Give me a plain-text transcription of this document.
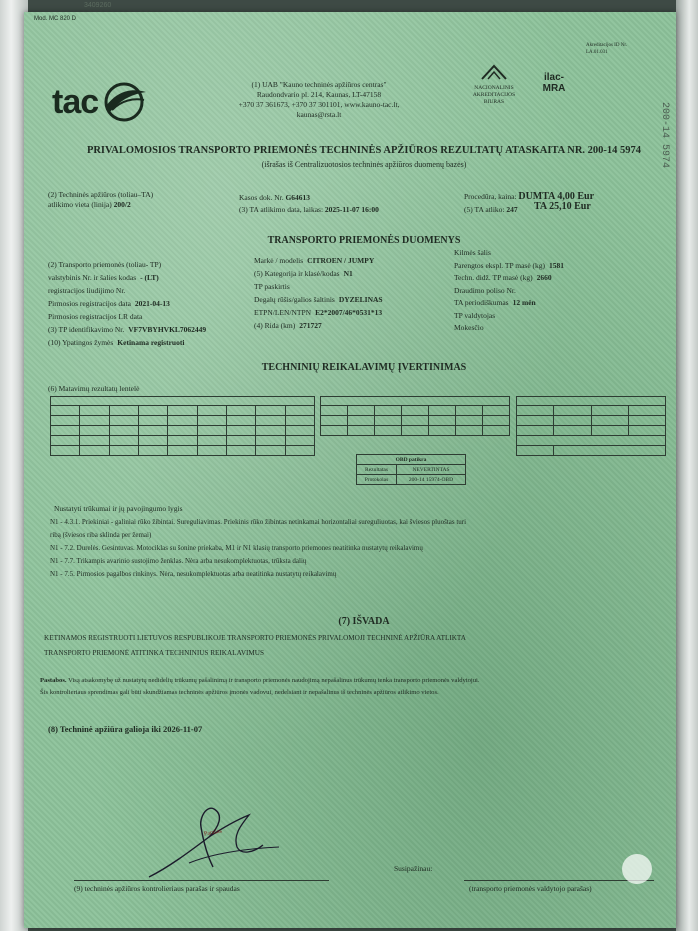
Mod. MC 820 D
3409260
tac	(1) UAB "Kauno techninės apžiūros centras"
Raudondvario pl. 214, Kaunas, LT-47158
+370 37 361673, +370 37 301101, www.kauno-tac.lt,
kaunas@rsta.lt
NACIONALINIS AKREDITACIJOS BIURAS
ilac-MRA
Akreditacijos ID Nr.
LA.01.031
200-14 5974
PRIVALOMOSIOS TRANSPORTO PRIEMONĖS TECHNINĖS APŽIŪROS REZULTATŲ ATASKAITA NR. 200-14 5974
(išrašas iš Centralizuotosios techninės apžiūros duomenų bazės)
(2) Techninės apžiūros (toliau–TA)
atlikimo vieta (linija) 200/2
Kasos dok. Nr. G64613
(3) TA atlikimo data, laikas: 2025-11-07 16:00
Procedūra, kaina: DUMTA 4,00 Eur
(5) TA atliko: 247 TA 25,10 Eur
TRANSPORTO PRIEMONĖS DUOMENYS
(2) Transporto priemonės (toliau- TP)
valstybinis Nr. ir šalies kodas - (LT)
registracijos liudijimo Nr.
Pirmosios registracijos data 2021-04-13
Pirmosios registracijos LR data
(3) TP identifikavimo Nr. VF7VBYHVKL7062449
(10) Ypatingos žymės Ketinama registruoti
Markė / modelis CITROEN / JUMPY
(5) Kategorija ir klasė/kodas N1
TP paskirtis
Degalų rūšis/galios šaltinis DYZELINAS
ETPN/LEN/NTPN E2*2007/46*0531*13
(4) Rida (km) 271727
Kilmės šalis
Parengtos ekspl. TP masė (kg) 1581
Techn. didž. TP masė (kg) 2660
Draudimo poliso Nr.
TA periodiškumas 12 mėn
TP valdytojas
Mokesčio
TECHNINIŲ REIKALAVIMŲ ĮVERTINIMAS
(6) Matavimų rezultatų lentelė

OBD patikra	
Rezultatas	NEVERTINTAS
Protokolas	200-14 15974-OBD

Nustatyti trūkumai ir jų pavojingumo lygis
N1 - 4.3.1. Priekiniai - galiniai rūko žibintai. Sureguliavimas. Priekinis rūko žibintas netinkamai horizontaliai sureguliuotas, kai šviesos pluoštas turi
ribą (šviesos riba sklinda per žemai)
N1 - 7.2. Durelės. Gesintuvas. Motociklas su šonine priekaba, M1 ir N1 klasių transporto priemones neatitinka nustatytų reikalavimų
N1 - 7.7. Trikampis avarinio sustojimo ženklas. Nėra arba nesukomplektuotas, trūksta dalių
N1 - 7.5. Pirmosios pagalbos rinkinys. Nėra, nesukomplektuotas arba neatitinka nustatytų reikalavimų
(7) IŠVADA
KETINAMOS REGISTRUOTI LIETUVOS RESPUBLIKOJE TRANSPORTO PRIEMONĖS PRIVALOMOJI TECHNINĖ APŽIŪRA ATLIKTA
TRANSPORTO PRIEMONĖ ATITINKA TECHNINIUS REIKALAVIMUS
Pastabos. Visą atsakomybę už nustatytų nedidelių trūkumų pašalinimą ir transporto priemonės naudojimą nepašalinus trūkumų tenka transporto priemonės valdytojui.
Šis kontrolieriaus sprendimas gali būti skundžiamas techninės apžiūros įmonės vadovui, nedelsiant ir nepašalinus iš techninės apžiūros atlikimo vietos.
(8) Techninė apžiūra galioja iki 2026-11-07
Parašas
(9) techninės apžiūros kontrolieriaus parašas ir spaudas
Susipažinau:
(transporto priemonės valdytojo parašas)
